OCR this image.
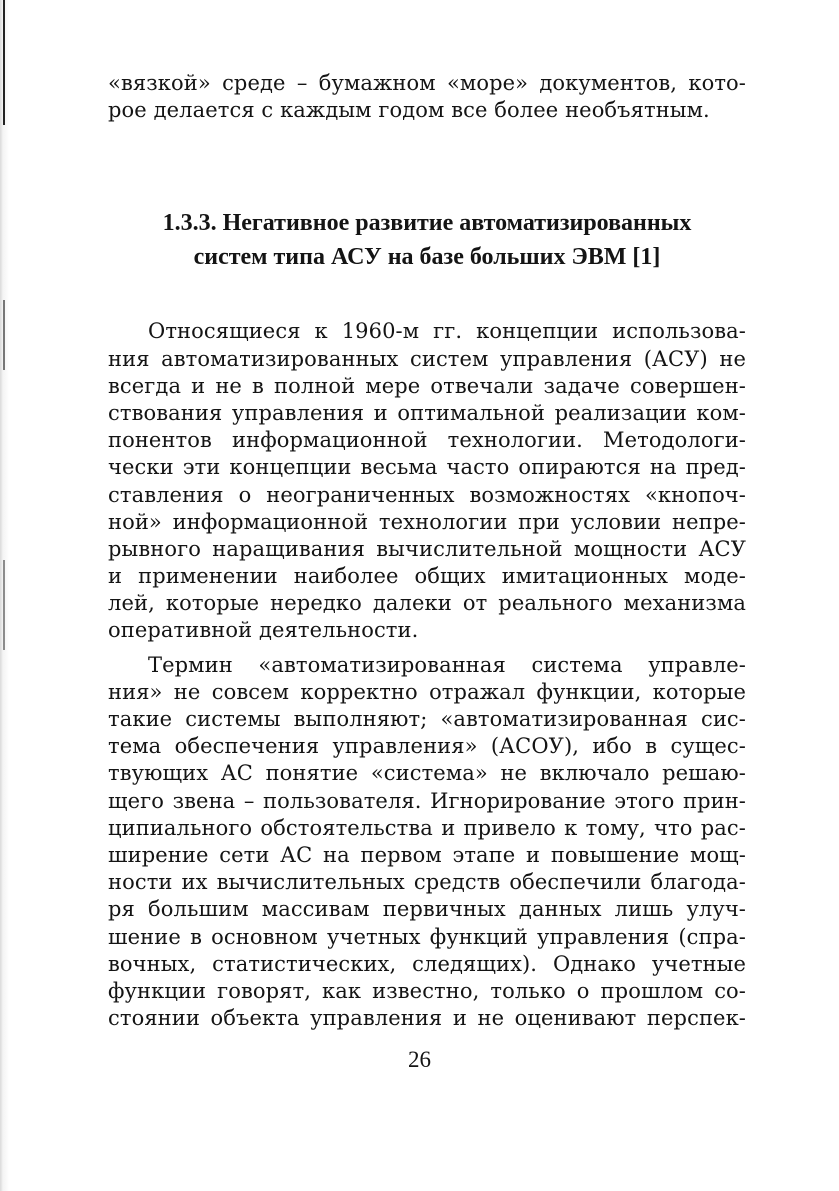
«вязкой» среде – бумажном «море» документов, кото-
рое делается с каждым годом все более необъятным.
1.3.3. Негативное развитие автоматизированных
систем типа АСУ на базе больших ЭВМ [1]
Относящиеся к 1960-м гг. концепции использова-
ния автоматизированных систем управления (АСУ) не
всегда и не в полной мере отвечали задаче совершен-
ствования управления и оптимальной реализации ком-
понентов информационной технологии. Методологи-
чески эти концепции весьма часто опираются на пред-
ставления о неограниченных возможностях «кнопоч-
ной» информационной технологии при условии непре-
рывного наращивания вычислительной мощности АСУ
и применении наиболее общих имитационных моде-
лей, которые нередко далеки от реального механизма
оперативной деятельности.
Термин «автоматизированная система управле-
ния» не совсем корректно отражал функции, которые
такие системы выполняют; «автоматизированная сис-
тема обеспечения управления» (АСОУ), ибо в сущес-
твующих АС понятие «система» не включало решаю-
щего звена – пользователя. Игнорирование этого прин-
ципиального обстоятельства и привело к тому, что рас-
ширение сети АС на первом этапе и повышение мощ-
ности их вычислительных средств обеспечили благода-
ря большим массивам первичных данных лишь улуч-
шение в основном учетных функций управления (спра-
вочных, статистических, следящих). Однако учетные
функции говорят, как известно, только о прошлом со-
стоянии объекта управления и не оценивают перспек-
26
